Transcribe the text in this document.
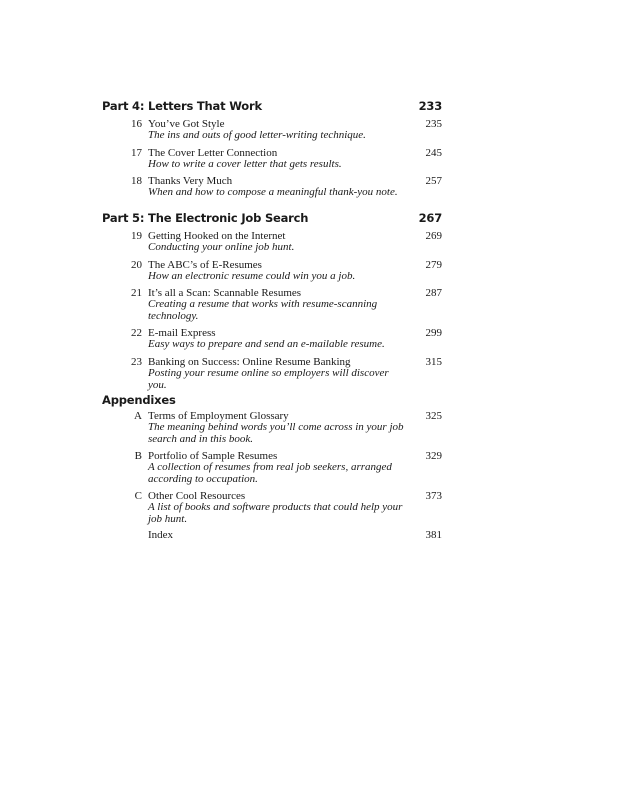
Part 4: Letters That Work	233
16 You’ve Got Style	235
The ins and outs of good letter-writing technique.
17 The Cover Letter Connection	245
How to write a cover letter that gets results.
18 Thanks Very Much	257
When and how to compose a meaningful thank-you note.
Part 5: The Electronic Job Search	267
19 Getting Hooked on the Internet	269
Conducting your online job hunt.
20 The ABC’s of E-Resumes	279
How an electronic resume could win you a job.
21 It’s all a Scan: Scannable Resumes	287
Creating a resume that works with resume-scanning technology.
22 E-mail Express	299
Easy ways to prepare and send an e-mailable resume.
23 Banking on Success: Online Resume Banking	315
Posting your resume online so employers will discover you.
Appendixes
A Terms of Employment Glossary	325
The meaning behind words you’ll come across in your job search and in this book.
B Portfolio of Sample Resumes	329
A collection of resumes from real job seekers, arranged according to occupation.
C Other Cool Resources	373
A list of books and software products that could help your job hunt.
Index	381
